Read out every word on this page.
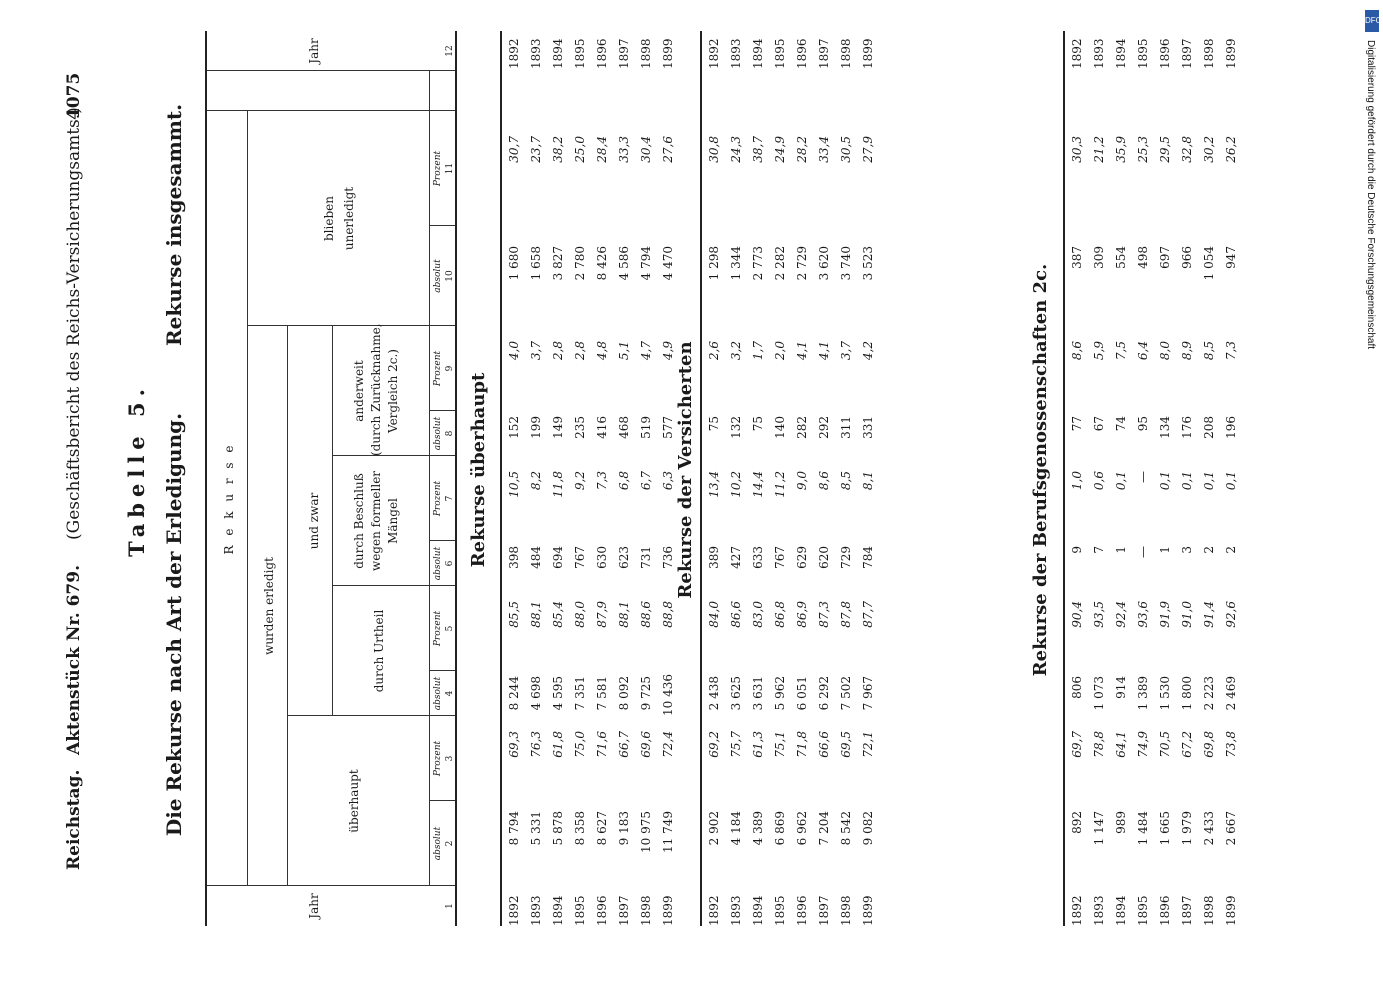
Reichstag.
Aktenstück Nr. 679.
(Geschäftsbericht des Reichs-Versicherungsamts.)
4075
Tabelle 5. Die Rekurse nach Art der Erledigung. Rekurse insgesammt.
Jahr
Jahr
R e k u r s e
wurden erledigt
überhaupt
und zwar
durch Urtheil
durch Beschluß wegen formeller Mängel
anderweit (durch Zurücknahme, Vergleich 2c.)
blieben unerledigt
absolut
Prozent
absolut
Prozent
absolut
Prozent
absolut
Prozent
absolut
Prozent
1
2
3
4
5
6
7
8
9
10
11
12
Rekurse überhaupt
1892
8 794
69,3
8 244
85,5
398
10,5
152
4,0
1 680
30,7
1892
1893
5 331
76,3
4 698
88,1
484
8,2
199
3,7
1 658
23,7
1893
1894
5 878
61,8
4 595
85,4
694
11,8
149
2,8
3 827
38,2
1894
1895
8 358
75,0
7 351
88,0
767
9,2
235
2,8
2 780
25,0
1895
1896
8 627
71,6
7 581
87,9
630
7,3
416
4,8
8 426
28,4
1896
1897
9 183
66,7
8 092
88,1
623
6,8
468
5,1
4 586
33,3
1897
1898
10 975
69,6
9 725
88,6
731
6,7
519
4,7
4 794
30,4
1898
1899
11 749
72,4
10 436
88,8
736
6,3
577
4,9
4 470
27,6
1899
Rekurse der Versicherten
1892
2 902
69,2
2 438
84,0
389
13,4
75
2,6
1 298
30,8
1892
1893
4 184
75,7
3 625
86,6
427
10,2
132
3,2
1 344
24,3
1893
1894
4 389
61,3
3 631
83,0
633
14,4
75
1,7
2 773
38,7
1894
1895
6 869
75,1
5 962
86,8
767
11,2
140
2,0
2 282
24,9
1895
1896
6 962
71,8
6 051
86,9
629
9,0
282
4,1
2 729
28,2
1896
1897
7 204
66,6
6 292
87,3
620
8,6
292
4,1
3 620
33,4
1897
1898
8 542
69,5
7 502
87,8
729
8,5
311
3,7
3 740
30,5
1898
1899
9 082
72,1
7 967
87,7
784
8,1
331
4,2
3 523
27,9
1899
Rekurse der Berufsgenossenschaften 2c.
1892
892
69,7
806
90,4
9
1,0
77
8,6
387
30,3
1892
1893
1 147
78,8
1 073
93,5
7
0,6
67
5,9
309
21,2
1893
1894
989
64,1
914
92,4
1
0,1
74
7,5
554
35,9
1894
1895
1 484
74,9
1 389
93,6
—
—
95
6,4
498
25,3
1895
1896
1 665
70,5
1 530
91,9
1
0,1
134
8,0
697
29,5
1896
1897
1 979
67,2
1 800
91,0
3
0,1
176
8,9
966
32,8
1897
1898
2 433
69,8
2 223
91,4
2
0,1
208
8,5
1 054
30,2
1898
1899
2 667
73,8
2 469
92,6
2
0,1
196
7,3
947
26,2
1899
DFG
Digitalisierung gefördert durch die Deutsche Forschungsgemeinschaft
